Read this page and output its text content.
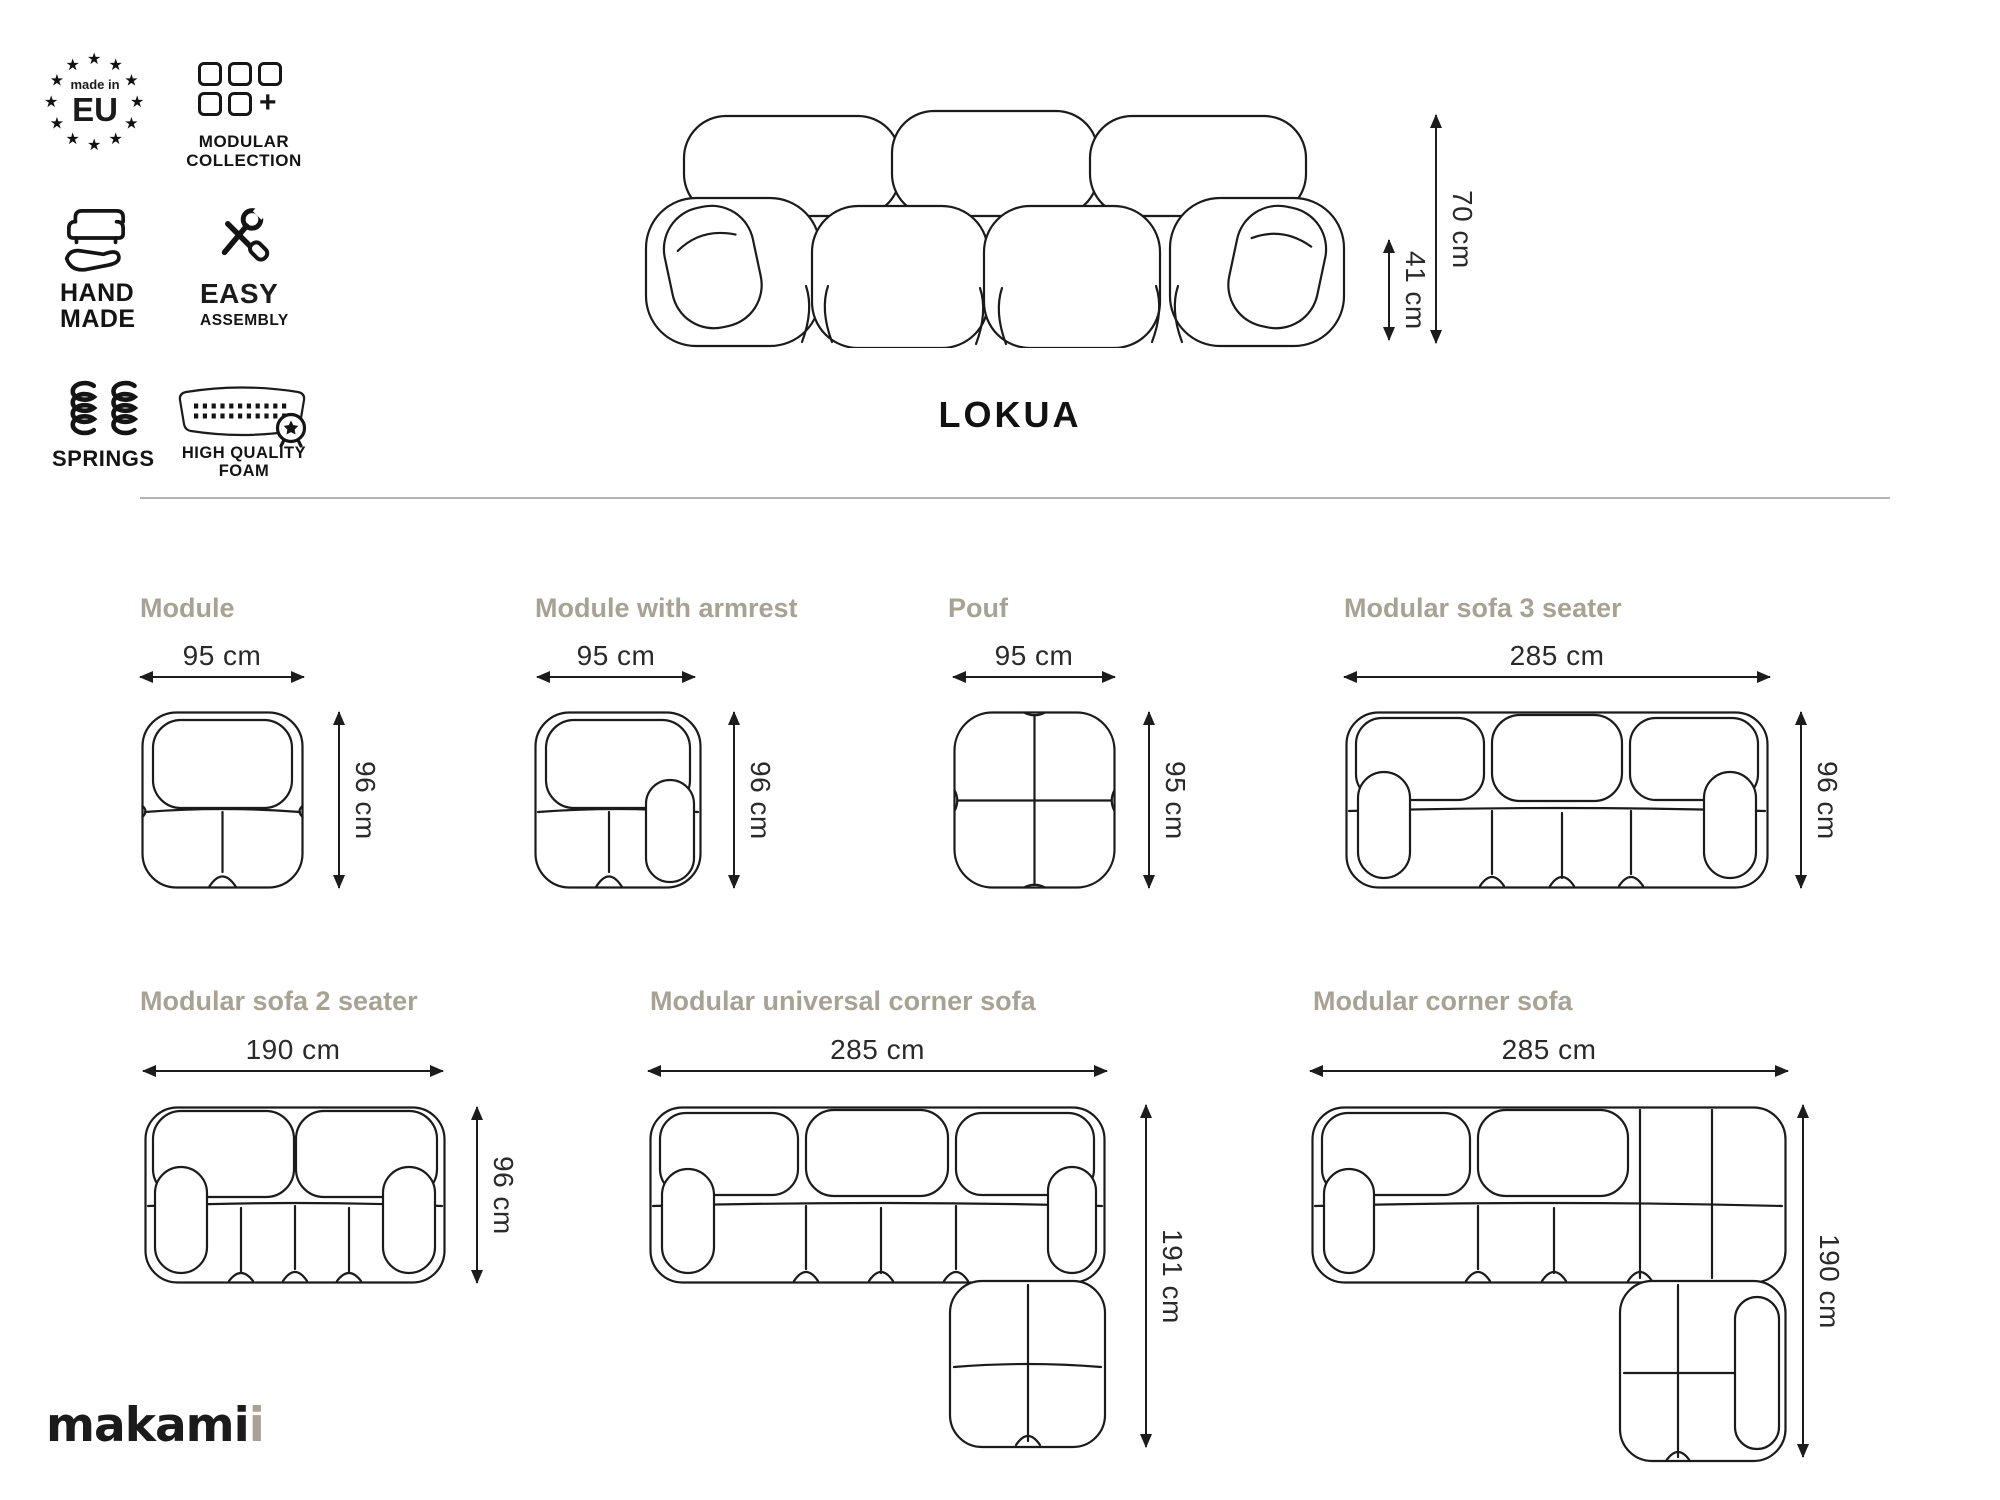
made in
EU
+
MODULAR
COLLECTION
HAND
MADE
EASY
ASSEMBLY
SPRINGS	HIGH QUALITY
FOAM
41 cm
70 cm
LOKUA
Module
95 cm
96 cm
Module with armrest
95 cm
96 cm
Pouf
95 cm
95 cm
Modular sofa 3 seater
285 cm
96 cm
Modular sofa 2 seater
190 cm
96 cm
Modular universal corner sofa
285 cm
191 cm
Modular corner sofa
285 cm
190 cm
makamii
